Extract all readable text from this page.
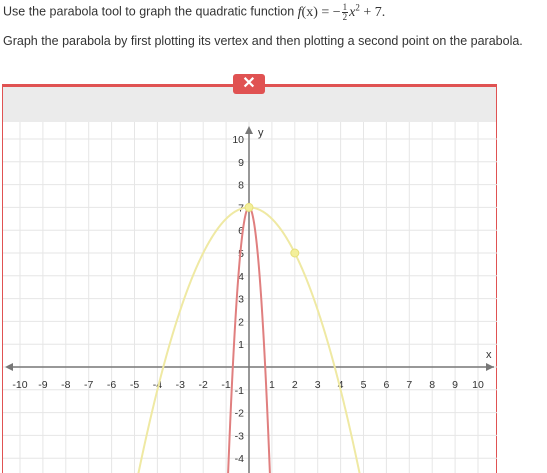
Use the parabola tool to graph the quadratic function f(x) = − $\frac{1}{2} x^2 + 7$.
Graph the parabola by first plotting its vertex and then plotting a second point on the parabola.
✕
x
y
-10 -9 -8 -7 -6 -5 -4 -3 -2 -1	1 2 3 4 5 6 7 8 9 10
10
9
8
7
6
5
4
3
2
1
-1
-2
-3
-4
